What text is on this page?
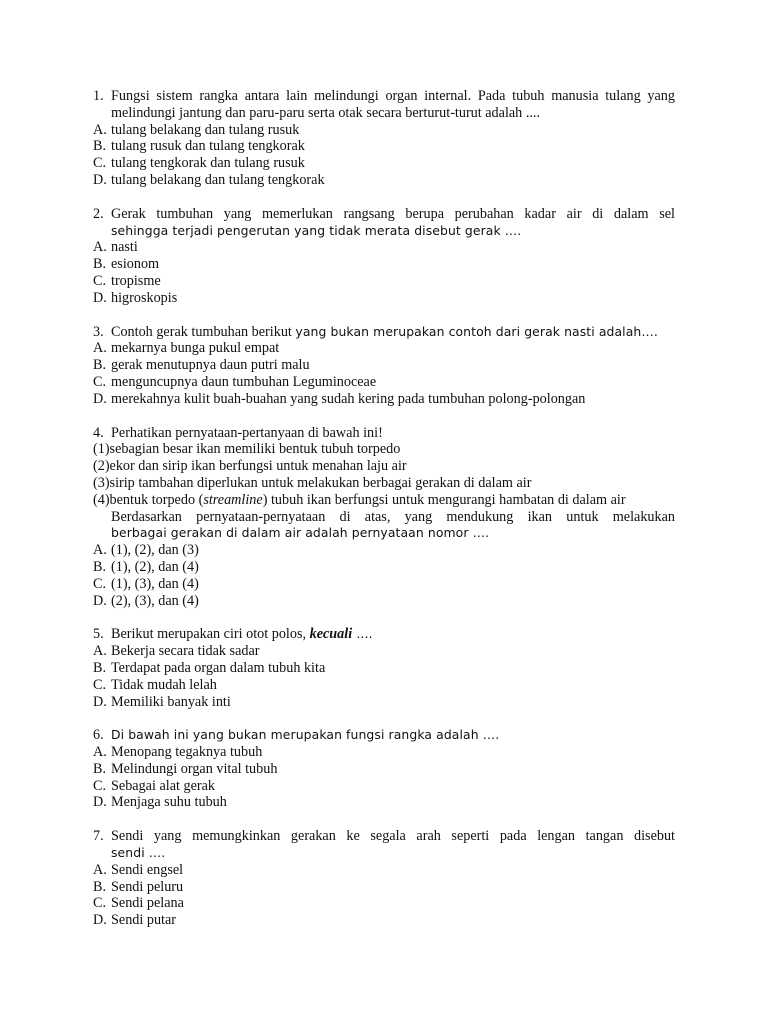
1. Fungsi sistem rangka antara lain melindungi organ internal. Pada tubuh manusia tulang yang melindungi jantung dan paru-paru serta otak secara berturut-turut adalah ....
A. tulang belakang dan tulang rusuk
B. tulang rusuk dan tulang tengkorak
C. tulang tengkorak dan tulang rusuk
D. tulang belakang dan tulang tengkorak
2. Gerak tumbuhan yang memerlukan rangsang berupa perubahan kadar air di dalam sel
sehingga terjadi pengerutan yang tidak merata disebut gerak ….
A. nasti
B. esionom
C. tropisme
D. higroskopis
3. Contoh gerak tumbuhan berikut yang bukan merupakan contoh dari gerak nasti adalah….
A. mekarnya bunga pukul empat
B. gerak menutupnya daun putri malu
C. menguncupnya daun tumbuhan Leguminoceae
D. merekahnya kulit buah-buahan yang sudah kering pada tumbuhan polong-polongan
4. Perhatikan pernyataan-pertanyaan di bawah ini!
(1)sebagian besar ikan memiliki bentuk tubuh torpedo
(2)ekor dan sirip ikan berfungsi untuk menahan laju air
(3)sirip tambahan diperlukan untuk melakukan berbagai gerakan di dalam air
(4)bentuk torpedo (streamline) tubuh ikan berfungsi untuk mengurangi hambatan di dalam air
Berdasarkan pernyataan-pernyataan di atas, yang mendukung ikan untuk melakukan
berbagai gerakan di dalam air adalah pernyataan nomor ….
A. (1), (2), dan (3)
B. (1), (2), dan (4)
C. (1), (3), dan (4)
D. (2), (3), dan (4)
5. Berikut merupakan ciri otot polos, kecuali ….
A. Bekerja secara tidak sadar
B. Terdapat pada organ dalam tubuh kita
C. Tidak mudah lelah
D. Memiliki banyak inti
6. Di bawah ini yang bukan merupakan fungsi rangka adalah ….
A. Menopang tegaknya tubuh
B. Melindungi organ vital tubuh
C. Sebagai alat gerak
D. Menjaga suhu tubuh
7. Sendi yang memungkinkan gerakan ke segala arah seperti pada lengan tangan disebut
sendi ….
A. Sendi engsel
B. Sendi peluru
C. Sendi pelana
D. Sendi putar
